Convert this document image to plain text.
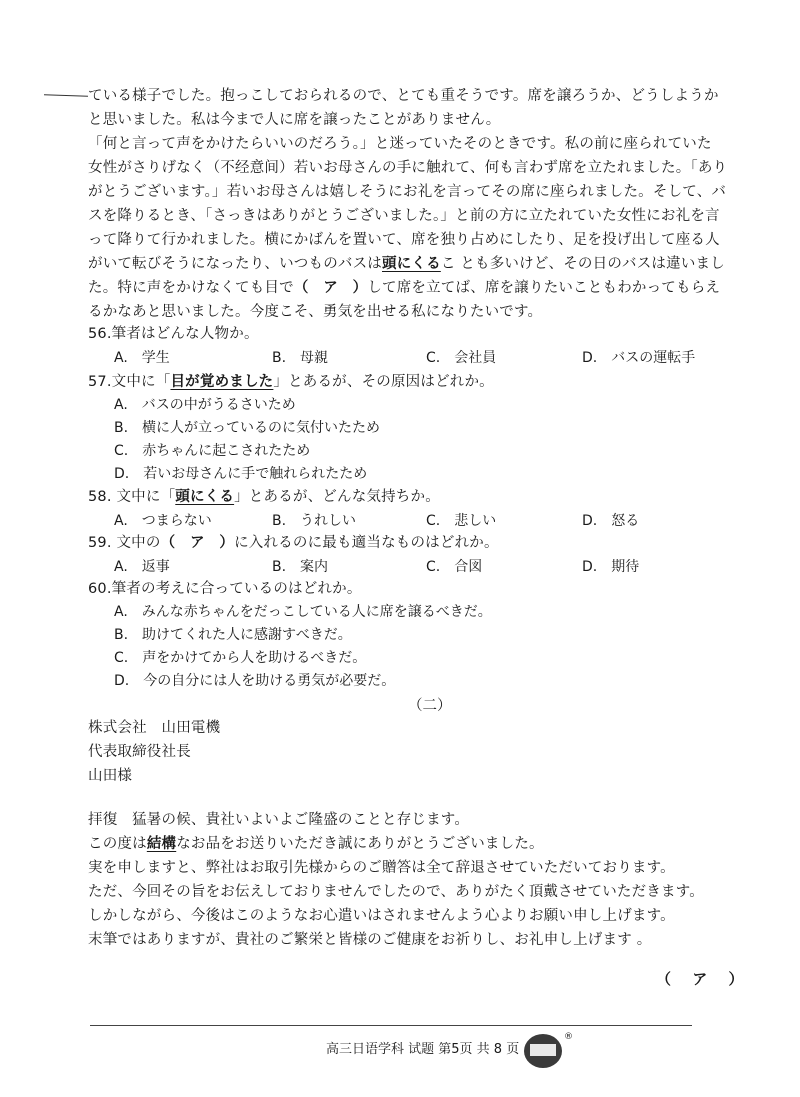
ている様子でした。抱っこしておられるので、とても重そうです。席を譲ろうか、どうしようか
と思いました。私は今まで人に席を譲ったことがありません。
「何と言って声をかけたらいいのだろう。」と迷っていたそのときです。私の前に座られていた
女性がさりげなく（不经意间）若いお母さんの手に触れて、何も言わず席を立たれました。「あり
がとうございます。」若いお母さんは嬉しそうにお礼を言ってその席に座られました。そして、バ
スを降りるとき、「さっきはありがとうございました。」と前の方に立たれていた女性にお礼を言
って降りて行かれました。横にかばんを置いて、席を独り占めにしたり、足を投げ出して座る人
がいて転びそうになったり、いつものバスは頭にくるこ とも多いけど、その日のバスは違いまし
た。特に声をかけなくても目で（　ア　）して席を立てば、席を譲りたいこともわかってもらえ
るかなあと思いました。今度こそ、勇気を出せる私になりたいです。
56.筆者はどんな人物か。
A.　学生	B.　母親	C.　会社員	D.　バスの運転手
57.文中に「目が覚めました」とあるが、その原因はどれか。
A.　バスの中がうるさいため
B.　横に人が立っているのに気付いたため
C.　赤ちゃんに起こされたため
D.　若いお母さんに手で触れられたため
58. 文中に「頭にくる」とあるが、どんな気持ちか。
A.　つまらない	B.　うれしい	C.　悲しい	D.　怒る
59. 文中の（　ア　）に入れるのに最も適当なものはどれか。
A.　返事	B.　案内	C.　合図	D.　期待
60.筆者の考えに合っているのはどれか。
A.　みんな赤ちゃんをだっこしている人に席を譲るべきだ。
B.　助けてくれた人に感謝すべきだ。
C.　声をかけてから人を助けるべきだ。
D.　今の自分には人を助ける勇気が必要だ。
（二）
株式会社　山田電機
代表取締役社長
山田様
拝復　猛暑の候、貴社いよいよご隆盛のことと存じます。
この度は結構なお品をお送りいただき誠にありがとうございました。
実を申しますと、弊社はお取引先様からのご贈答は全て辞退させていただいております。
ただ、今回その旨をお伝えしておりませんでしたので、ありがたく頂戴させていただきます。
しかしながら、今後はこのようなお心遣いはされませんよう心よりお願い申し上げます。
末筆ではありますが、貴社のご繁栄と皆様のご健康をお祈りし、お礼申し上げます 。
（ ア ）
高三日语学科 试题 第5页 共 8 页
®
